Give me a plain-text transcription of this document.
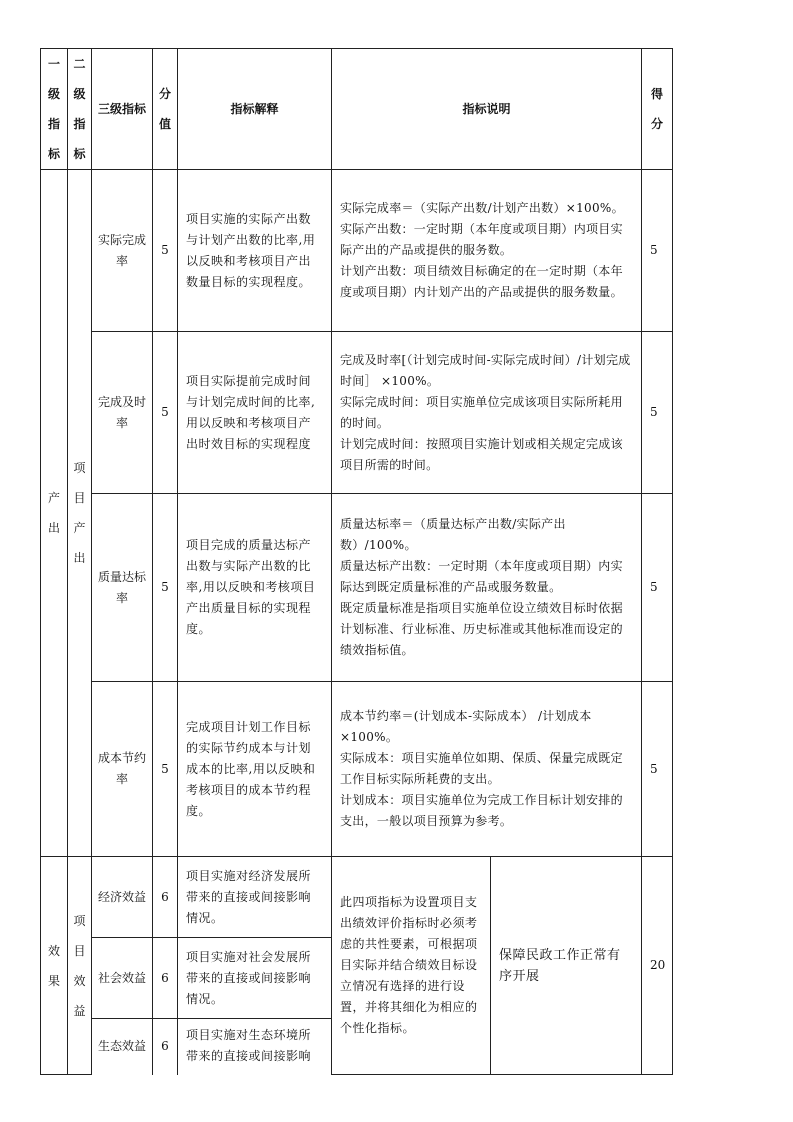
一级指标	二级指标	三级指标	分值	指标解释	指标说明		得分

产出	项目产出	实际完成率	5	项目实施的实际产出数与计划产出数的比率,用以反映和考核项目产出数量目标的实现程度。	实际完成率＝（实际产出数/计划产出数）×100%。

实际产出数：一定时期（本年度或项目期）内项目实际产出的产品或提供的服务数。

计划产出数：项目绩效目标确定的在一定时期（本年度或项目期）内计划产出的产品或提供的服务数量。		5
		完成及时率	5	项目实际提前完成时间与计划完成时间的比率,用以反映和考核项目产出时效目标的实现程度	完成及时率[（计划完成时间-实际完成时间）/计划完成时间］ ×100%。

实际完成时间：项目实施单位完成该项目实际所耗用的时间。

计划完成时间：按照项目实施计划或相关规定完成该项目所需的时间。		5
		质量达标率	5	项目完成的质量达标产出数与实际产出数的比率,用以反映和考核项目产出质量目标的实现程度。	质量达标率＝（质量达标产出数/实际产出数）/100%。

质量达标产出数：一定时期（本年度或项目期）内实际达到既定质量标准的产品或服务数量。

既定质量标准是指项目实施单位设立绩效目标时依据计划标准、行业标准、历史标准或其他标准而设定的绩效指标值。		5
		成本节约率	5	完成项目计划工作目标的实际节约成本与计划成本的比率,用以反映和考核项目的成本节约程度。	成本节约率＝(计划成本-实际成本） /计划成本×100%。

实际成本：项目实施单位如期、保质、保量完成既定工作目标实际所耗费的支出。

计划成本：项目实施单位为完成工作目标计划安排的支出，一般以项目预算为参考。		5

效果	项目效益	经济效益	6	项目实施对经济发展所带来的直接或间接影响情况。	此四项指标为设置项目支出绩效评价指标时必须考虑的共性要素，可根据项目实际并结合绩效目标设立情况有选择的进行设置，并将其细化为相应的个性化指标。	保障民政工作正常有序开展	20
		社会效益	6	项目实施对社会发展所带来的直接或间接影响情况。			
		生态效益	6	项目实施对生态环境所带来的直接或间接影响			
